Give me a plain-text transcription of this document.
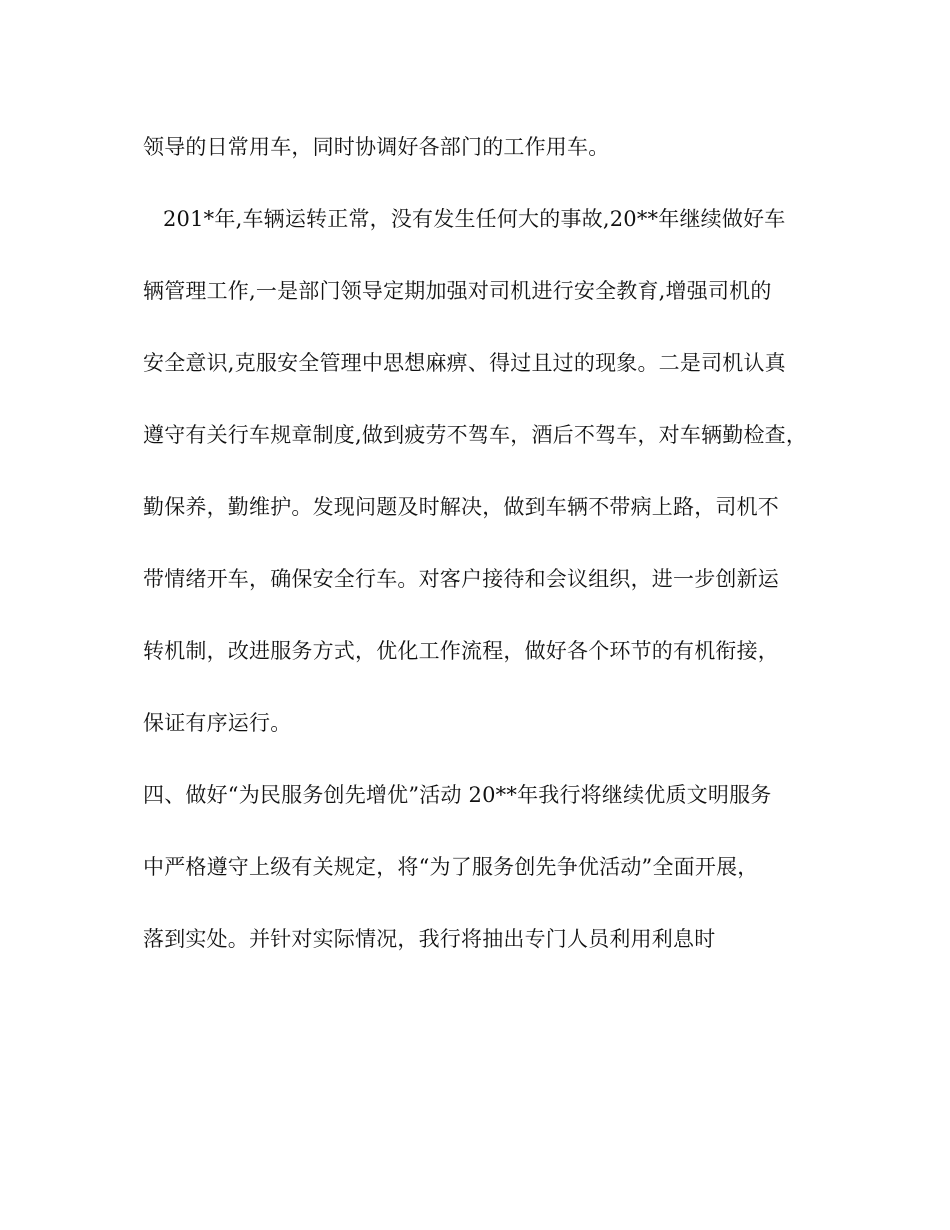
领导的日常用车，同时协调好各部门的工作用车。
201*年,车辆运转正常，没有发生任何大的事故,20**年继续做好车
辆管理工作,一是部门领导定期加强对司机进行安全教育,增强司机的
安全意识,克服安全管理中思想麻痹、得过且过的现象。二是司机认真
遵守有关行车规章制度,做到疲劳不驾车，酒后不驾车，对车辆勤检查，
勤保养，勤维护。发现问题及时解决，做到车辆不带病上路，司机不
带情绪开车，确保安全行车。对客户接待和会议组织，进一步创新运
转机制，改进服务方式，优化工作流程，做好各个环节的有机衔接，
保证有序运行。
四、做好“为民服务创先增优”活动 20**年我行将继续优质文明服务
中严格遵守上级有关规定，将“为了服务创先争优活动”全面开展，
落到实处。并针对实际情况，我行将抽出专门人员利用利息时
